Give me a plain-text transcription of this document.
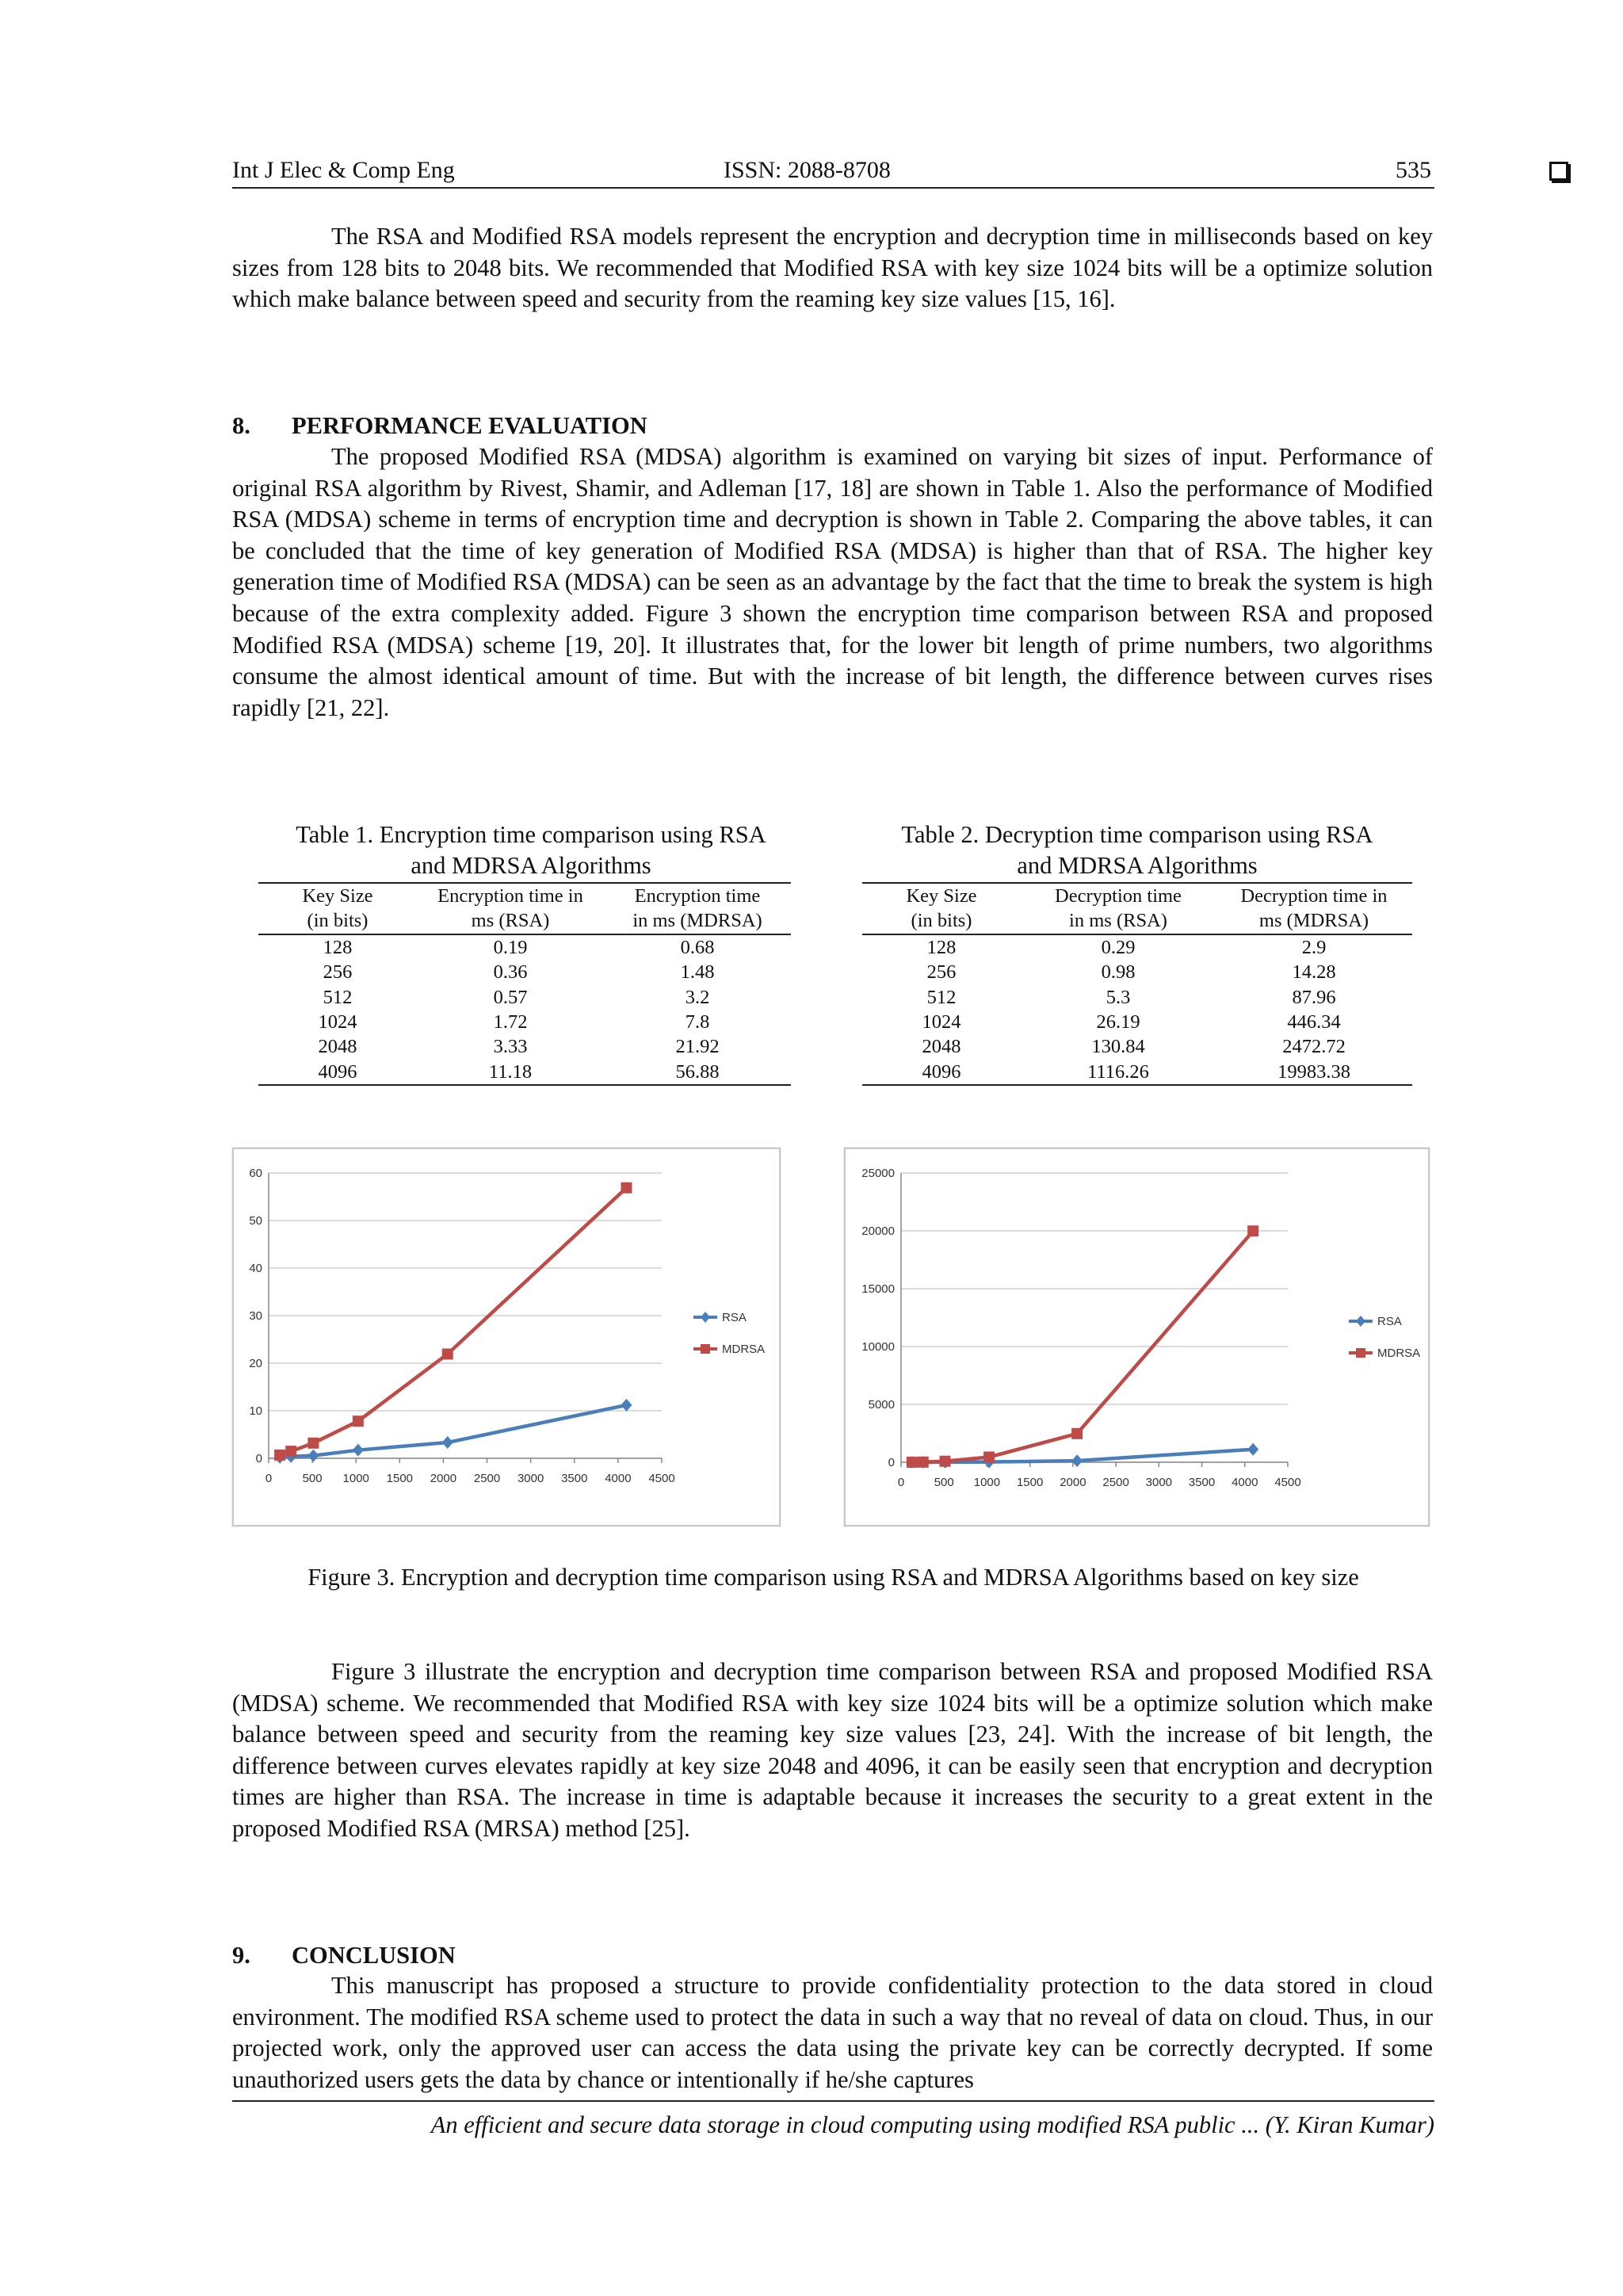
Int J Elec & Comp Eng	ISSN: 2088-8708	535

The RSA and Modified RSA models represent the encryption and decryption time in milliseconds based on key sizes from 128 bits to 2048 bits. We recommended that Modified RSA with key size 1024 bits will be a optimize solution which make balance between speed and security from the reaming key size values [15, 16].

8. PERFORMANCE EVALUATION

The proposed Modified RSA (MDSA) algorithm is examined on varying bit sizes of input. Performance of original RSA algorithm by Rivest, Shamir, and Adleman [17, 18] are shown in Table 1. Also the performance of Modified RSA (MDSA) scheme in terms of encryption time and decryption is shown in Table 2. Comparing the above tables, it can be concluded that the time of key generation of Modified RSA (MDSA) is higher than that of RSA. The higher key generation time of Modified RSA (MDSA) can be seen as an advantage by the fact that the time to break the system is high because of the extra complexity added. Figure 3 shown the encryption time comparison between RSA and proposed Modified RSA (MDSA) scheme [19, 20]. It illustrates that, for the lower bit length of prime numbers, two algorithms consume the almost identical amount of time. But with the increase of bit length, the difference between curves rises rapidly [21, 22].

Table 1. Encryption time comparison using RSA
and MDRSA Algorithms
Key Size	Encryption time in	Encryption time
(in bits)	ms (RSA)	in ms (MDRSA)
128	0.19	0.68
256	0.36	1.48
512	0.57	3.2
1024	1.72	7.8
2048	3.33	21.92
4096	11.18	56.88
Table 2. Decryption time comparison using RSA
and MDRSA Algorithms
Key Size	Decryption time	Decryption time in
(in bits)	in ms (RSA)	ms (MDRSA)
128	0.29	2.9
256	0.98	14.28
512	5.3	87.96
1024	26.19	446.34
2048	130.84	2472.72
4096	1116.26	19983.38
0
10
20
30
40
50
60
0	500 1000 1500 2000 2500 3000 3500 4000 4500
RSA
MDRSA
0
5000
10000
15000
20000
25000
0	500 1000 1500 2000 2500 3000 3500 4000 4500
RSA
MDRSA
Figure 3. Encryption and decryption time comparison using RSA and MDRSA Algorithms based on key size

Figure 3 illustrate the encryption and decryption time comparison between RSA and proposed Modified RSA (MDSA) scheme. We recommended that Modified RSA with key size 1024 bits will be a optimize solution which make balance between speed and security from the reaming key size values [23, 24]. With the increase of bit length, the difference between curves elevates rapidly at key size 2048 and 4096, it can be easily seen that encryption and decryption times are higher than RSA. The increase in time is adaptable because it increases the security to a great extent in the proposed Modified RSA (MRSA) method [25].

9. CONCLUSION

This manuscript has proposed a structure to provide confidentiality protection to the data stored in cloud environment. The modified RSA scheme used to protect the data in such a way that no reveal of data on cloud. Thus, in our projected work, only the approved user can access the data using the private key can be correctly decrypted. If some unauthorized users gets the data by chance or intentionally if he/she captures

An efficient and secure data storage in cloud computing using modified RSA public ... (Y. Kiran Kumar)
